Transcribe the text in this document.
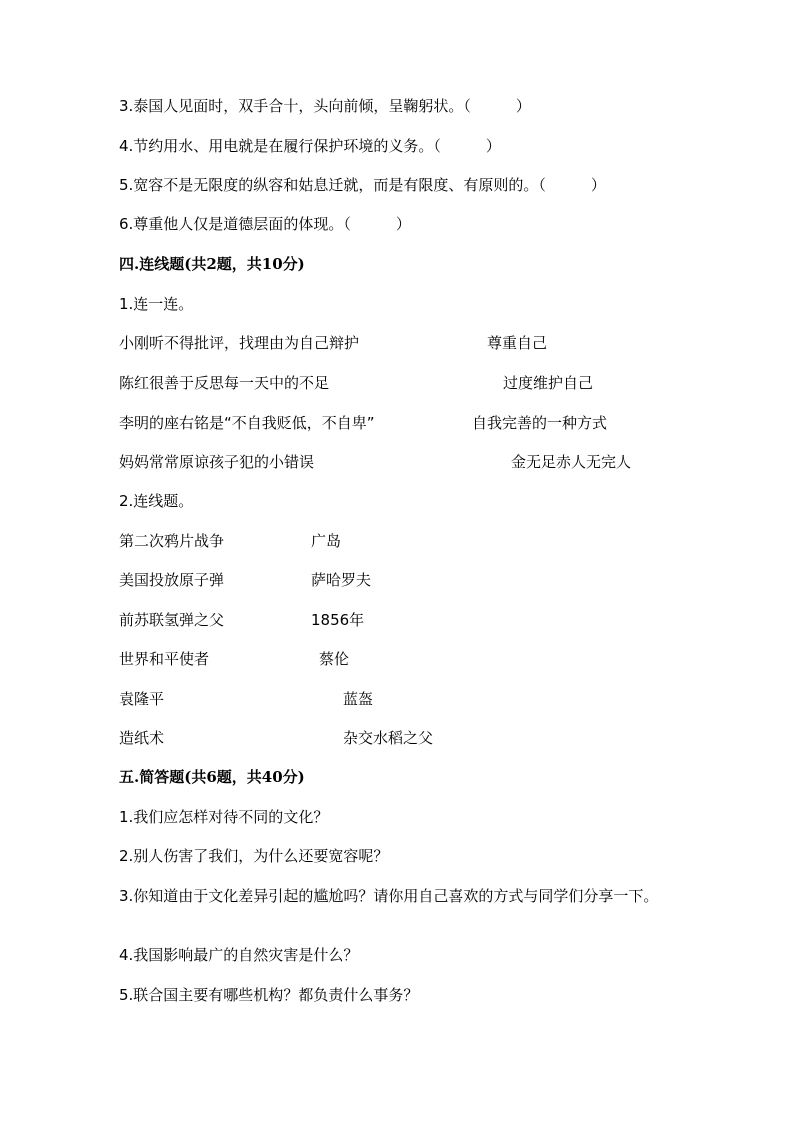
3.泰国人见面时，双手合十，头向前倾，呈鞠躬状。（　　　）
4.节约用水、用电就是在履行保护环境的义务。（　　　）
5.宽容不是无限度的纵容和姑息迁就，而是有限度、有原则的。（　　　）
6.尊重他人仅是道德层面的体现。（　　　）
四.连线题(共2题，共10分)
1.连一连。
小刚听不得批评，找理由为自己辩护	尊重自己
陈红很善于反思每一天中的不足	过度维护自己
李明的座右铭是“不自我贬低，不自卑”	自我完善的一种方式
妈妈常常原谅孩子犯的小错误	金无足赤人无完人
2.连线题。
第二次鸦片战争	广岛
美国投放原子弹	萨哈罗夫
前苏联氢弹之父	1856年
世界和平使者	蔡伦
袁隆平	蓝盔
造纸术	杂交水稻之父
五.简答题(共6题，共40分)
1.我们应怎样对待不同的文化？
2.别人伤害了我们，为什么还要宽容呢？
3.你知道由于文化差异引起的尴尬吗？请你用自己喜欢的方式与同学们分享一下。
4.我国影响最广的自然灾害是什么？
5.联合国主要有哪些机构？都负责什么事务？
